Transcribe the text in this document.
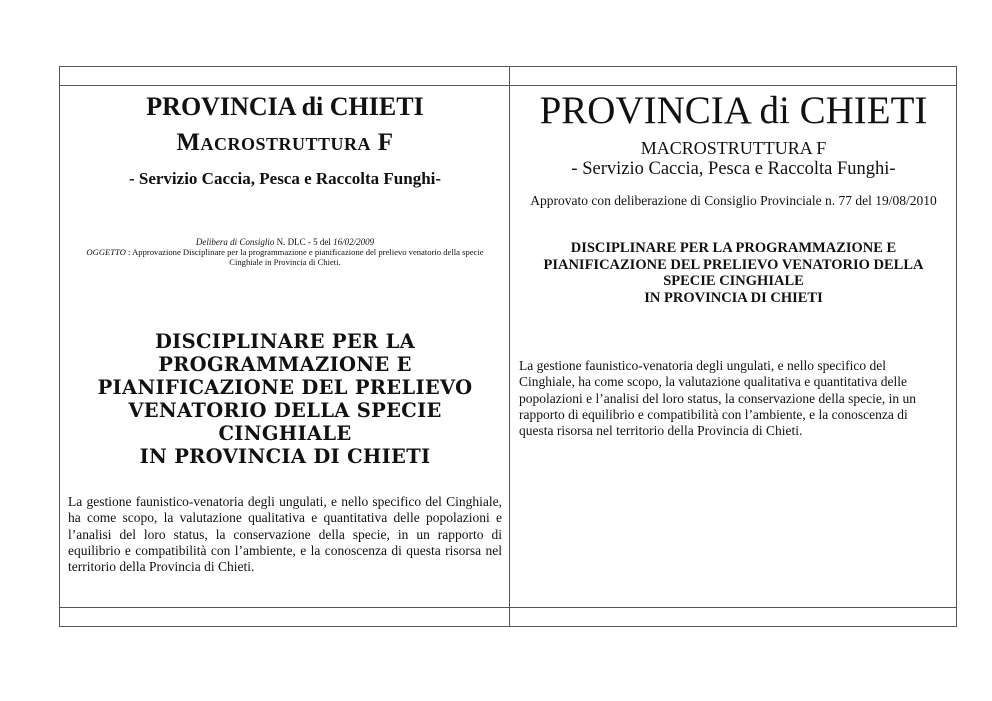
PROVINCIA di CHIETI
Macrostruttura F
- Servizio Caccia, Pesca e Raccolta Funghi-
Delibera di Consiglio N. DLC - 5 del 16/02/2009
OGGETTO : Approvazione Disciplinare per la programmazione e pianificazione del prelievo venatorio della specie Cinghiale in Provincia di Chieti.
DISCIPLINARE PER LA
PROGRAMMAZIONE E
PIANIFICAZIONE DEL PRELIEVO
VENATORIO DELLA SPECIE
CINGHIALE
IN PROVINCIA DI CHIETI
La gestione faunistico-venatoria degli ungulati, e nello specifico del Cinghiale, ha come scopo, la valutazione qualitativa e quantitativa delle popolazioni e l’analisi del loro status, la conservazione della specie, in un rapporto di equilibrio e compatibilità con l’ambiente, e la conoscenza di questa risorsa nel territorio della Provincia di Chieti.
PROVINCIA di CHIETI
MACROSTRUTTURA F
- Servizio Caccia, Pesca e Raccolta Funghi-
Approvato con deliberazione di Consiglio Provinciale n. 77 del 19/08/2010
DISCIPLINARE PER LA PROGRAMMAZIONE E
PIANIFICAZIONE DEL PRELIEVO VENATORIO DELLA
SPECIE CINGHIALE
IN PROVINCIA DI CHIETI
La gestione faunistico-venatoria degli ungulati, e nello specifico del
Cinghiale, ha come scopo, la valutazione qualitativa e quantitativa delle
popolazioni e l’analisi del loro status, la conservazione della specie, in un
rapporto di equilibrio e compatibilità con l’ambiente, e la conoscenza di
questa risorsa nel territorio della Provincia di Chieti.
